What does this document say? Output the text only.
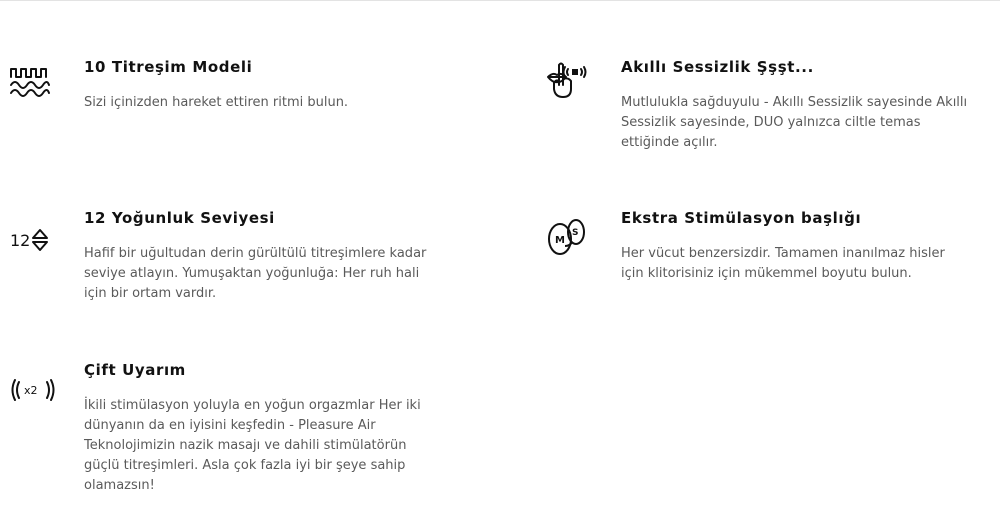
10 Titreşim Modeli

Sizi içinizden hareket ettiren ritmi bulun.

Akıllı Sessizlik Şşşt...

Mutlulukla sağduyulu - Akıllı Sessizlik sayesinde Akıllı Sessizlik sayesinde, DUO yalnızca ciltle temas ettiğinde açılır.

12
12 Yoğunluk Seviyesi

Hafif bir uğultudan derin gürültülü titreşimlere kadar seviye atlayın. Yumuşaktan yoğunluğa: Her ruh hali için bir ortam vardır.

M
S
Ekstra Stimülasyon başlığı

Her vücut benzersizdir. Tamamen inanılmaz hisler için klitorisiniz için mükemmel boyutu bulun.

x2
Çift Uyarım

İkili stimülasyon yoluyla en yoğun orgazmlar Her iki dünyanın da en iyisini keşfedin - Pleasure Air Teknolojimizin nazik masajı ve dahili stimülatörün güçlü titreşimleri. Asla çok fazla iyi bir şeye sahip olamazsın!
